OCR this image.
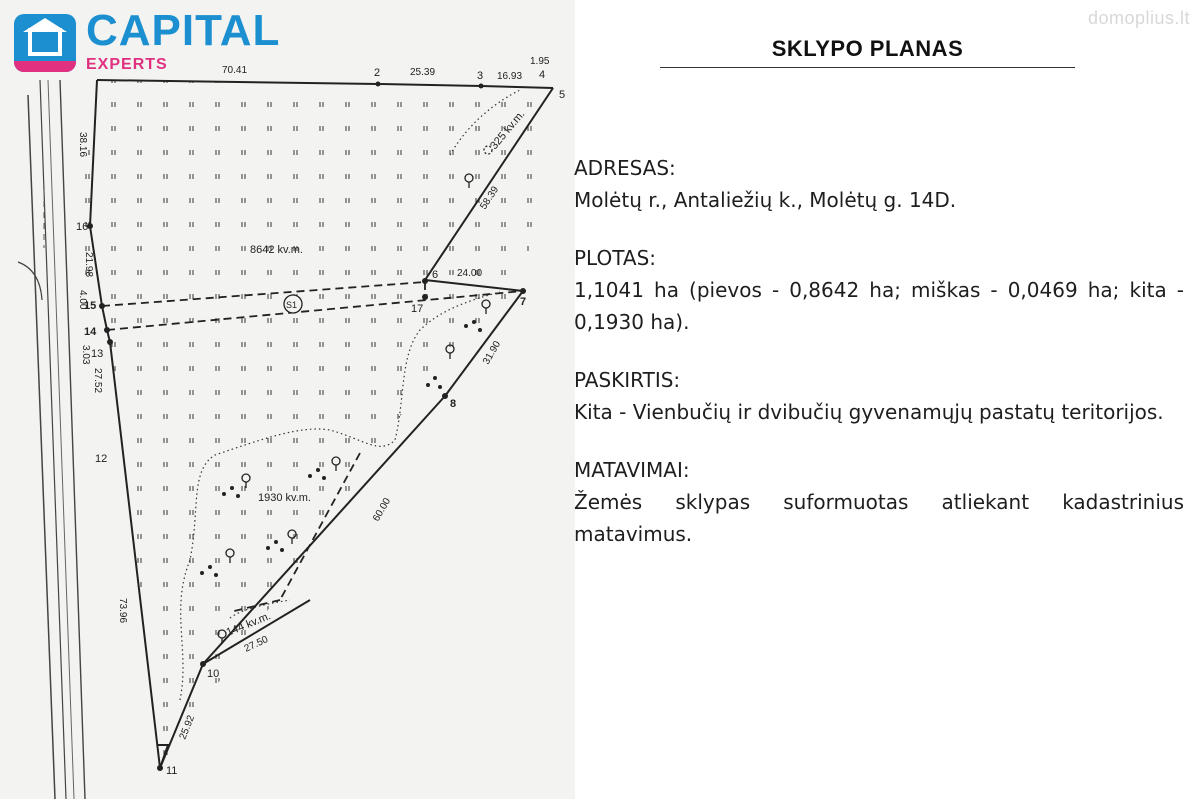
2	3	4
5
6
7
8
10
11
12
13
14
15
16
17
70.41	25.39	16.93
1.95
38.16
58.39
24.00
21.98
4.00
3.03	31.90
27.52
60.00
73.96
27.50
25.92
325 kv.m.
8642 kv.m.
1930 kv.m.
144 kv.m.
S1
CAPITAL
EXPERTS
domoplius.lt
SKLYPO PLANAS
ADRESAS:
Molėtų r., Antaliežių k., Molėtų g. 14D.
PLOTAS:
1,1041 ha (pievos - 0,8642 ha; miškas - 0,0469 ha; kita - 0,1930 ha).
PASKIRTIS:
Kita - Vienbučių ir dvibučių gyvenamųjų pastatų teritorijos.
MATAVIMAI:
Žemės sklypas suformuotas atliekant kadastrinius matavimus.
